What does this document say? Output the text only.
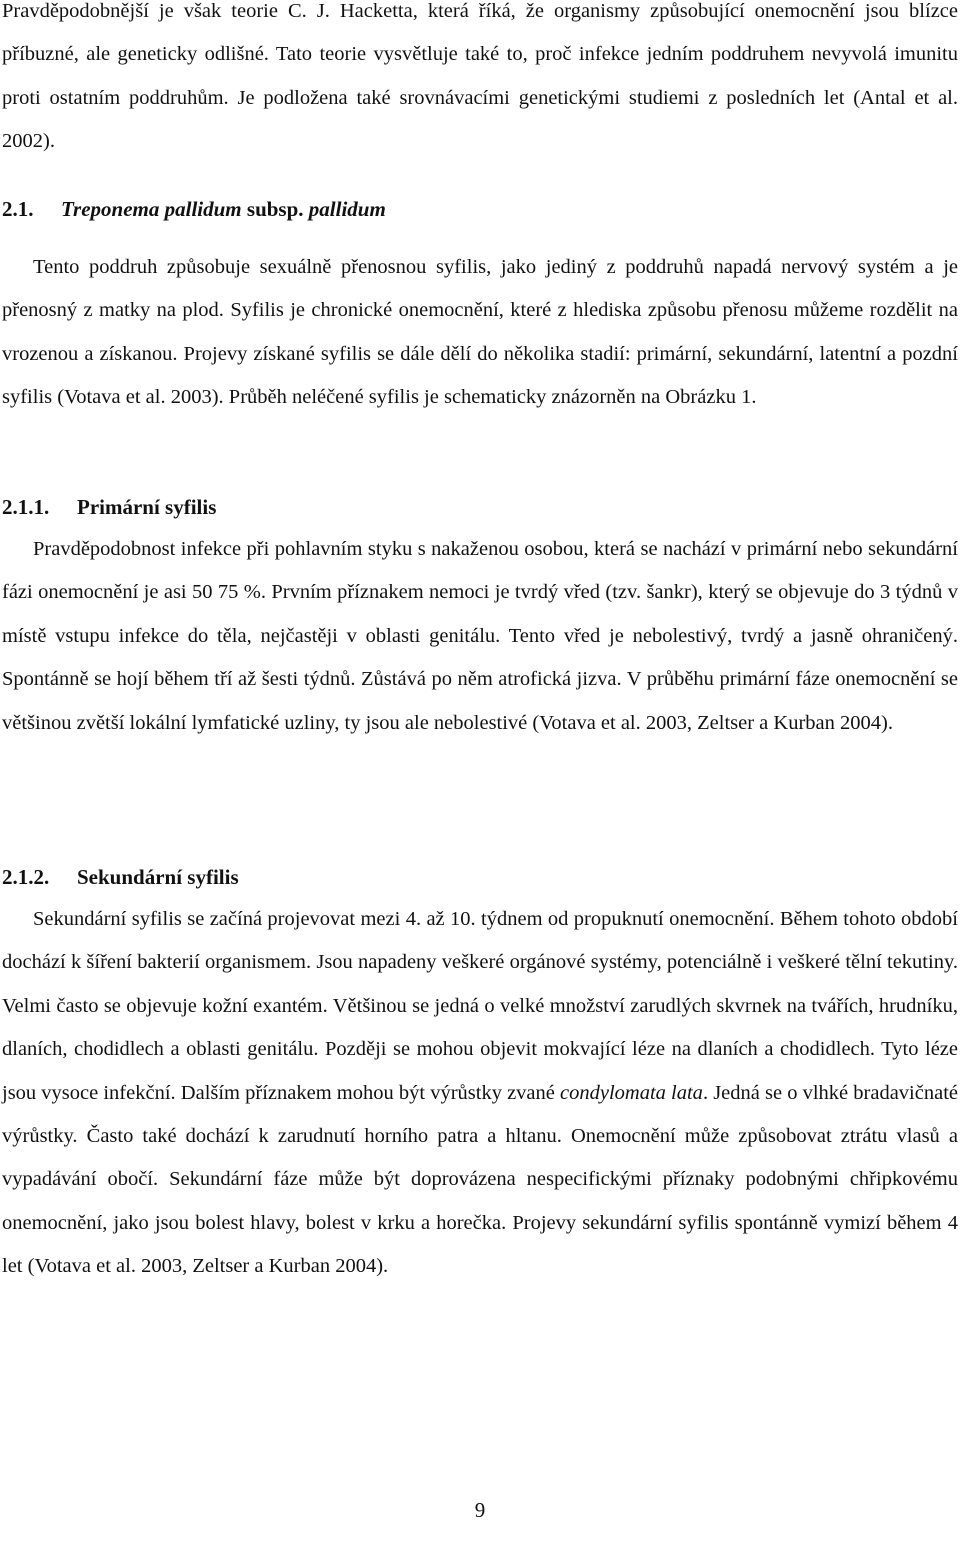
Pravděpodobnější je však teorie C. J. Hacketta, která říká, že organismy způsobující onemocnění jsou blízce příbuzné, ale geneticky odlišné. Tato teorie vysvětluje také to, proč infekce jedním poddruhem nevyvolá imunitu proti ostatním poddruhům. Je podložena také srovnávacími genetickými studiemi z posledních let (Antal et al. 2002).

2.1. Treponema pallidum subsp. pallidum

Tento poddruh způsobuje sexuálně přenosnou syfilis, jako jediný z poddruhů napadá nervový systém a je přenosný z matky na plod. Syfilis je chronické onemocnění, které z hlediska způsobu přenosu můžeme rozdělit na vrozenou a získanou. Projevy získané syfilis se dále dělí do několika stadií: primární, sekundární, latentní a pozdní syfilis (Votava et al. 2003). Průběh neléčené syfilis je schematicky znázorněn na Obrázku 1.

2.1.1. Primární syfilis

Pravděpodobnost infekce při pohlavním styku s nakaženou osobou, která se nachází v primární nebo sekundární fázi onemocnění je asi 50 75 %. Prvním příznakem nemoci je tvrdý vřed (tzv. šankr), který se objevuje do 3 týdnů v místě vstupu infekce do těla, nejčastěji v oblasti genitálu. Tento vřed je nebolestivý, tvrdý a jasně ohraničený. Spontánně se hojí během tří až šesti týdnů. Zůstává po něm atrofická jizva. V průběhu primární fáze onemocnění se většinou zvětší lokální lymfatické uzliny, ty jsou ale nebolestivé (Votava et al. 2003, Zeltser a Kurban 2004).

2.1.2. Sekundární syfilis

Sekundární syfilis se začíná projevovat mezi 4. až 10. týdnem od propuknutí onemocnění. Během tohoto období dochází k šíření bakterií organismem. Jsou napadeny veškeré orgánové systémy, potenciálně i veškeré tělní tekutiny. Velmi často se objevuje kožní exantém. Většinou se jedná o velké množství zarudlých skvrnek na tvářích, hrudníku, dlaních, chodidlech a oblasti genitálu. Později se mohou objevit mokvající léze na dlaních a chodidlech. Tyto léze jsou vysoce infekční. Dalším příznakem mohou být výrůstky zvané condylomata lata. Jedná se o vlhké bradavičnaté výrůstky. Často také dochází k zarudnutí horního patra a hltanu. Onemocnění může způsobovat ztrátu vlasů a vypadávání obočí. Sekundární fáze může být doprovázena nespecifickými příznaky podobnými chřipkovému onemocnění, jako jsou bolest hlavy, bolest v krku a horečka. Projevy sekundární syfilis spontánně vymizí během 4 let (Votava et al. 2003, Zeltser a Kurban 2004).

9
